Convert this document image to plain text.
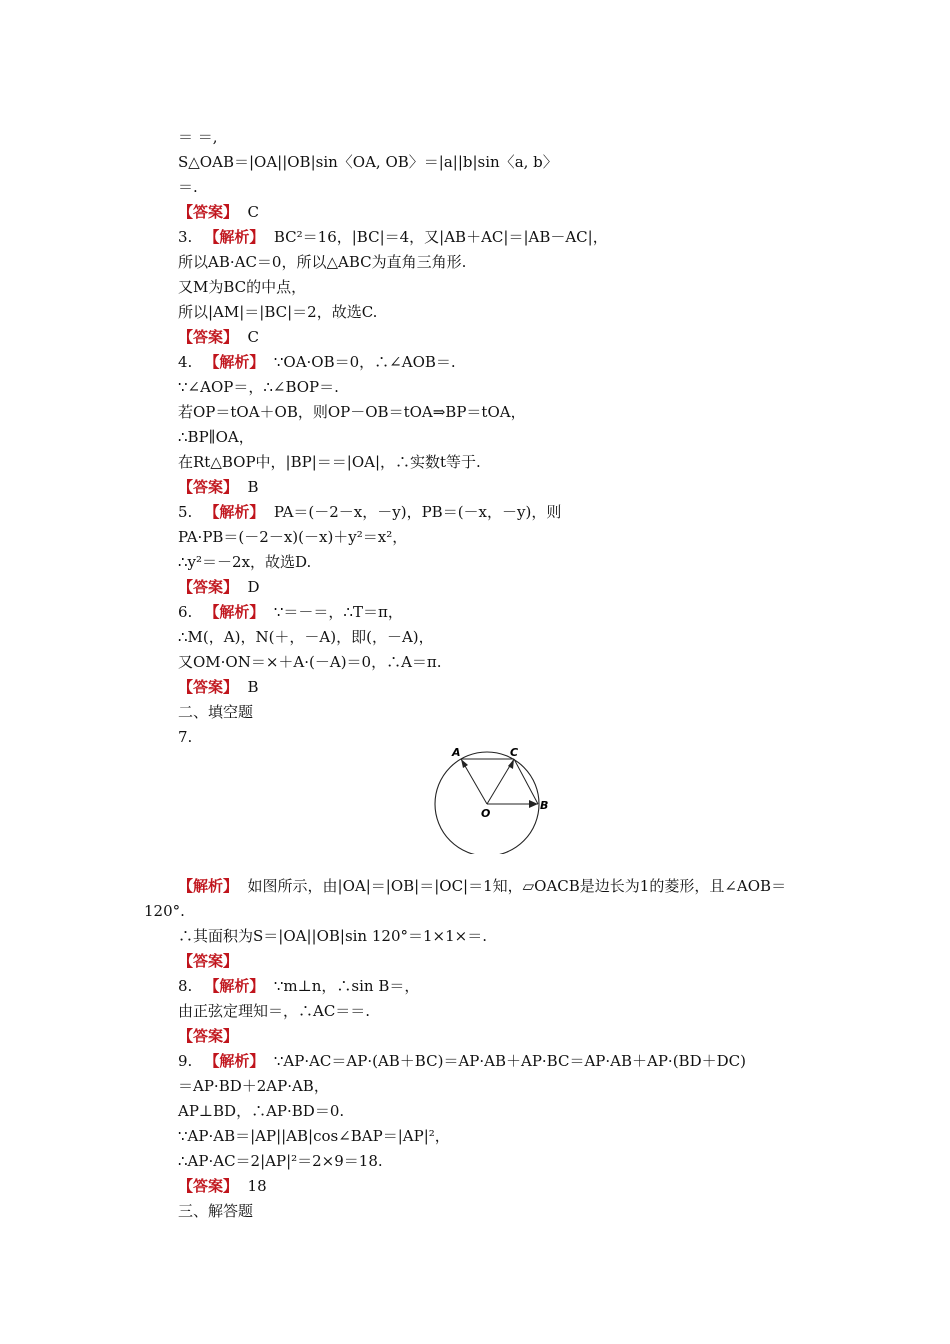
＝ ＝,
S△OAB＝|OA||OB|sin〈OA, OB〉＝|a||b|sin〈a, b〉
＝.
【答案】  C
3. 【解析】  BC²＝16，|BC|＝4，又|AB＋AC|＝|AB－AC|，
所以AB·AC＝0，所以△ABC为直角三角形.
又M为BC的中点，
所以|AM|＝|BC|＝2，故选C.
【答案】  C
4. 【解析】  ∵OA·OB＝0，∴∠AOB＝.
∵∠AOP＝，∴∠BOP＝.
若OP＝tOA＋OB，则OP－OB＝tOA⇒BP＝tOA，
∴BP∥OA，
在Rt△BOP中，|BP|＝＝|OA|，∴实数t等于.
【答案】  B
5. 【解析】  PA＝(－2－x，－y)，PB＝(－x，－y)，则
PA·PB＝(－2－x)(－x)＋y²＝x²，
∴y²＝－2x，故选D.
【答案】  D
6. 【解析】  ∵＝－＝，∴T＝π，
∴M(，A)，N(＋，－A)，即(，－A)，
又OM·ON＝×＋A·(－A)＝0，∴A＝π.
【答案】  B
二、填空题
7.
【解析】  如图所示，由|OA|＝|OB|＝|OC|＝1知，▱OACB是边长为1的菱形，且∠AOB＝
120°.
∴其面积为S＝|OA||OB|sin 120°＝1×1×＝.
【答案】
8. 【解析】  ∵m⊥n，∴sin B＝，
由正弦定理知＝，∴AC＝＝.
【答案】
9. 【解析】  ∵AP·AC＝AP·(AB＋BC)＝AP·AB＋AP·BC＝AP·AB＋AP·(BD＋DC)
＝AP·BD＋2AP·AB，
AP⊥BD，∴AP·BD＝0.
∵AP·AB＝|AP||AB|cos∠BAP＝|AP|²，
∴AP·AC＝2|AP|²＝2×9＝18.
【答案】  18
三、解答题
A	C
B
O
